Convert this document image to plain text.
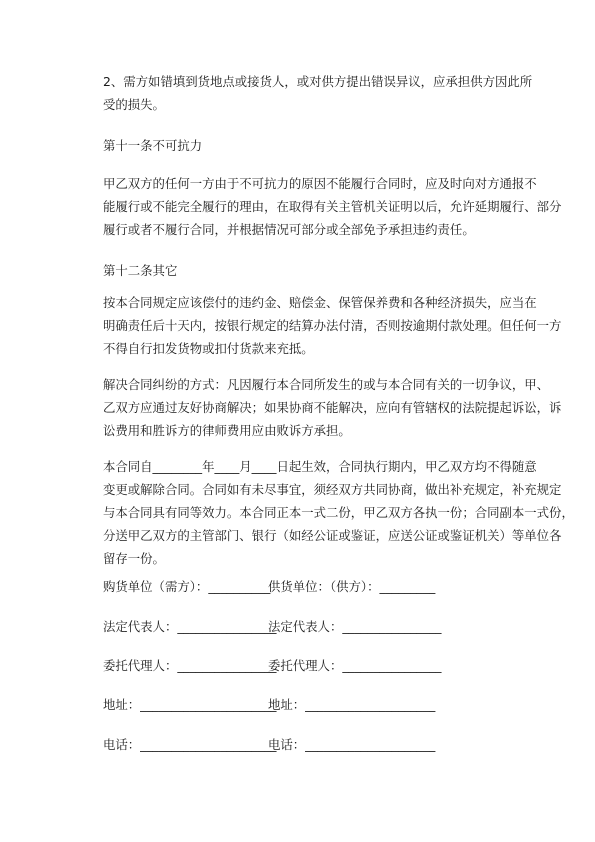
2、需方如错填到货地点或接货人，或对供方提出错误异议，应承担供方因此所
受的损失。
第十一条不可抗力
甲乙双方的任何一方由于不可抗力的原因不能履行合同时，应及时向对方通报不
能履行或不能完全履行的理由，在取得有关主管机关证明以后，允许延期履行、部分
履行或者不履行合同，并根据情况可部分或全部免予承担违约责任。
第十二条其它
按本合同规定应该偿付的违约金、赔偿金、保管保养费和各种经济损失，应当在
明确责任后十天内，按银行规定的结算办法付清，否则按逾期付款处理。但任何一方
不得自行扣发货物或扣付货款来充抵。
解决合同纠纷的方式：凡因履行本合同所发生的或与本合同有关的一切争议，甲、
乙双方应通过友好协商解决；如果协商不能解决，应向有管辖权的法院提起诉讼，诉
讼费用和胜诉方的律师费用应由败诉方承担。
本合同自________年____月____日起生效，合同执行期内，甲乙双方均不得随意
变更或解除合同。合同如有未尽事宜，须经双方共同协商，做出补充规定，补充规定
与本合同具有同等效力。本合同正本一式二份，甲乙双方各执一份；合同副本一式份，
分送甲乙双方的主管部门、银行（如经公证或鉴证，应送公证或鉴证机关）等单位各
留存一份。
购货单位（需方）：__________
供货单位：（供方）：_________
法定代表人：________________
法定代表人：________________
委托代理人：________________
委托代理人：________________
地址：______________________
地址：_____________________
电话：______________________
电话：_____________________
